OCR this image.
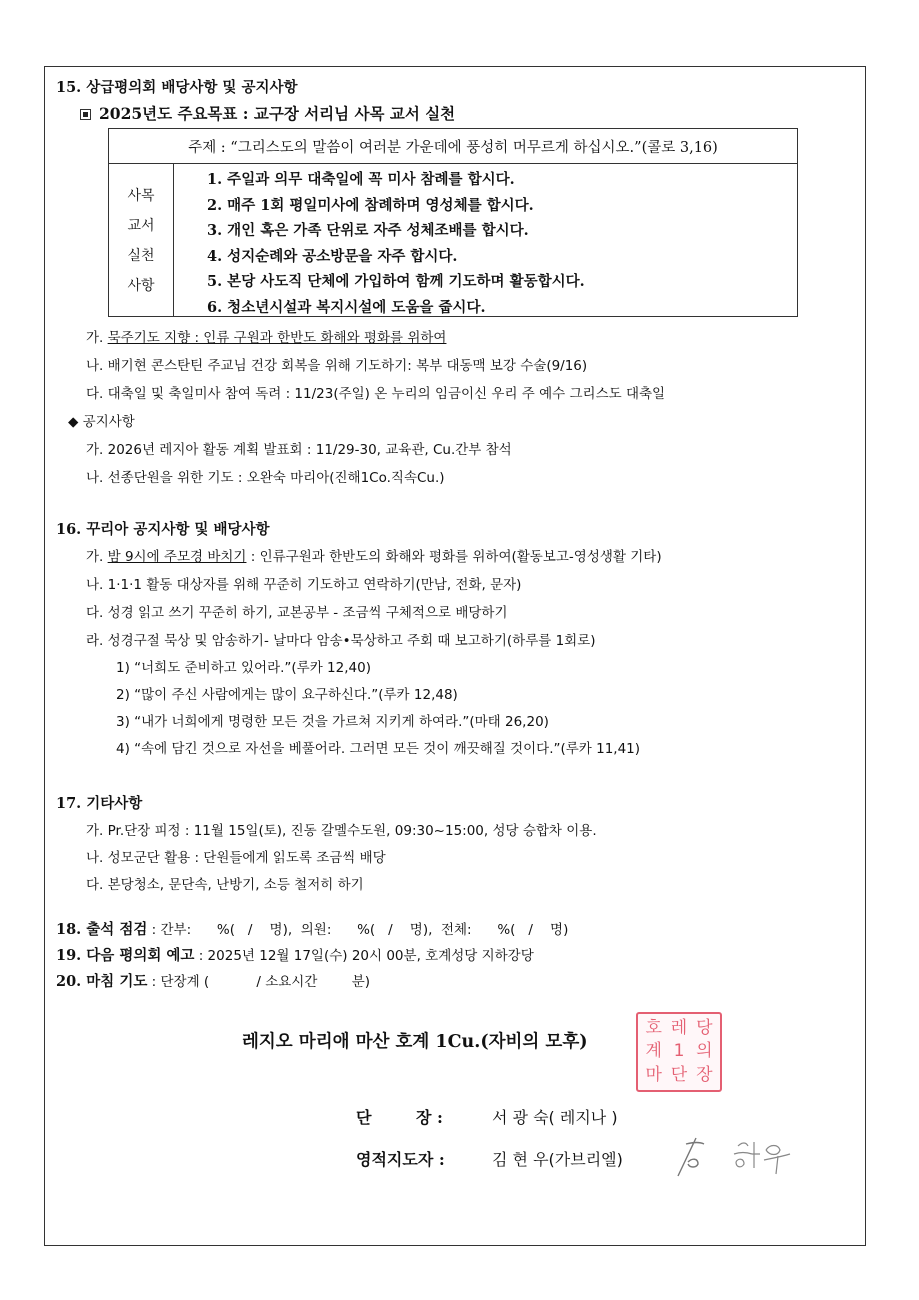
15. 상급평의회 배당사항 및 공지사항
2025년도 주요목표 : 교구장 서리님 사목 교서 실천
주제 : “그리스도의 말씀이 여러분 가운데에 풍성히 머무르게 하십시오.”(콜로 3,16)
사목
교서
실천
사항
1. 주일과 의무 대축일에 꼭 미사 참례를 합시다.
2. 매주 1회 평일미사에 참례하며 영성체를 합시다.
3. 개인 혹은 가족 단위로 자주 성체조배를 합시다.
4. 성지순례와 공소방문을 자주 합시다.
5. 본당 사도직 단체에 가입하여 함께 기도하며 활동합시다.
6. 청소년시설과 복지시설에 도움을 줍시다.
가. 묵주기도 지향 : 인류 구원과 한반도 화해와 평화를 위하여
나. 배기현 콘스탄틴 주교님 건강 회복을 위해 기도하기: 복부 대동맥 보강 수술(9/16)
다. 대축일 및 축일미사 참여 독려 : 11/23(주일) 온 누리의 임금이신 우리 주 예수 그리스도 대축일
◆ 공지사항
가. 2026년 레지아 활동 계획 발표회 : 11/29-30, 교육관, Cu.간부 참석
나. 선종단원을 위한 기도 : 오완숙 마리아(진해1Co.직속Cu.)
16. 꾸리아 공지사항 및 배당사항
가. 밤 9시에 주모경 바치기 : 인류구원과 한반도의 화해와 평화를 위하여(활동보고-영성생활 기타)
나. 1·1·1 활동 대상자를 위해 꾸준히 기도하고 연락하기(만남, 전화, 문자)
다. 성경 읽고 쓰기 꾸준히 하기, 교본공부 - 조금씩 구체적으로 배당하기
라. 성경구절 묵상 및 암송하기- 날마다 암송•묵상하고 주회 때 보고하기(하루를 1회로)
1) “너희도 준비하고 있어라.”(루카 12,40)
2) “많이 주신 사람에게는 많이 요구하신다.”(루카 12,48)
3) “내가 너희에게 명령한 모든 것을 가르쳐 지키게 하여라.”(마태 26,20)
4) “속에 담긴 것으로 자선을 베풀어라. 그러면 모든 것이 깨끗해질 것이다.”(루카 11,41)
17. 기타사항
가. Pr.단장 피정 : 11월 15일(토), 진동 갈멜수도원, 09:30~15:00, 성당 승합차 이용.
나. 성모군단 활용 : 단원들에게 읽도록 조금씩 배당
다. 본당청소, 문단속, 난방기, 소등 철저히 하기
18. 출석 점검 : 간부:      %(   /    명),  의원:      %(   /    명),  전체:      %(   /    명)
19. 다음 평의회 예고 : 2025년 12월 17일(수) 20시 00분, 호계성당 지하강당
20. 마침 기도 : 단장계 (           / 소요시간        분)
호 레 당
계 1 의
마 단 장
레지오 마리애 마산 호계 1Cu.(자비의 모후)
단        장 :	서 광 숙( 레지나 )
영적지도자 :	김 현 우(가브리엘)
